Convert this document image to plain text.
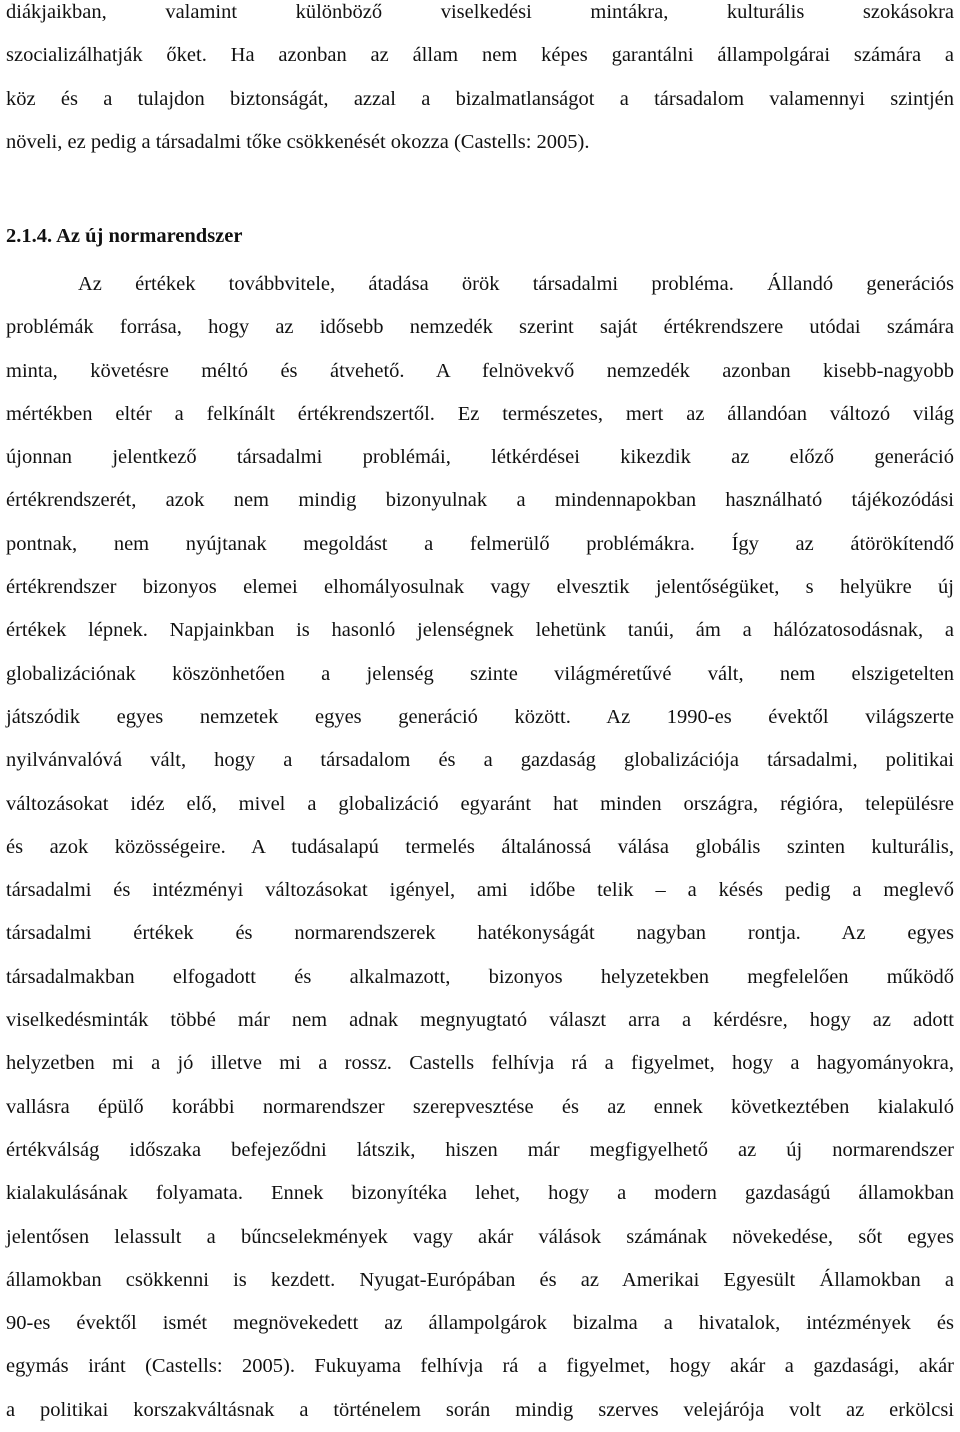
diákjaikban, valamint különböző viselkedési mintákra, kulturális szokásokra
szocializálhatják őket. Ha azonban az állam nem képes garantálni állampolgárai számára a
köz és a tulajdon biztonságát, azzal a bizalmatlanságot a társadalom valamennyi szintjén
növeli, ez pedig a társadalmi tőke csökkenését okozza (Castells: 2005).

2.1.4. Az új normarendszer

Az értékek továbbvitele, átadása örök társadalmi probléma. Állandó generációs
problémák forrása, hogy az idősebb nemzedék szerint saját értékrendszere utódai számára
minta, követésre méltó és átvehető. A felnövekvő nemzedék azonban kisebb-nagyobb
mértékben eltér a felkínált értékrendszertől. Ez természetes, mert az állandóan változó világ
újonnan jelentkező társadalmi problémái, létkérdései kikezdik az előző generáció
értékrendszerét, azok nem mindig bizonyulnak a mindennapokban használható tájékozódási
pontnak, nem nyújtanak megoldást a felmerülő problémákra. Így az átörökítendő
értékrendszer bizonyos elemei elhomályosulnak vagy elvesztik jelentőségüket, s helyükre új
értékek lépnek. Napjainkban is hasonló jelenségnek lehetünk tanúi, ám a hálózatosodásnak, a
globalizációnak köszönhetően a jelenség szinte világméretűvé vált, nem elszigetelten
játszódik egyes nemzetek egyes generáció között. Az 1990-es évektől világszerte
nyilvánvalóvá vált, hogy a társadalom és a gazdaság globalizációja társadalmi, politikai
változásokat idéz elő, mivel a globalizáció egyaránt hat minden országra, régióra, településre
és azok közösségeire. A tudásalapú termelés általánossá válása globális szinten kulturális,
társadalmi és intézményi változásokat igényel, ami időbe telik – a késés pedig a meglevő
társadalmi értékek és normarendszerek hatékonyságát nagyban rontja. Az egyes
társadalmakban elfogadott és alkalmazott, bizonyos helyzetekben megfelelően működő
viselkedésminták többé már nem adnak megnyugtató választ arra a kérdésre, hogy az adott
helyzetben mi a jó illetve mi a rossz. Castells felhívja rá a figyelmet, hogy a hagyományokra,
vallásra épülő korábbi normarendszer szerepvesztése és az ennek következtében kialakuló
értékválság időszaka befejeződni látszik, hiszen már megfigyelhető az új normarendszer
kialakulásának folyamata. Ennek bizonyítéka lehet, hogy a modern gazdaságú államokban
jelentősen lelassult a bűncselekmények vagy akár válások számának növekedése, sőt egyes
államokban csökkenni is kezdett. Nyugat-Európában és az Amerikai Egyesült Államokban a
90-es évektől ismét megnövekedett az állampolgárok bizalma a hivatalok, intézmények és
egymás iránt (Castells: 2005). Fukuyama felhívja rá a figyelmet, hogy akár a gazdasági, akár
a politikai korszakváltásnak a történelem során mindig szerves velejárója volt az erkölcsi
